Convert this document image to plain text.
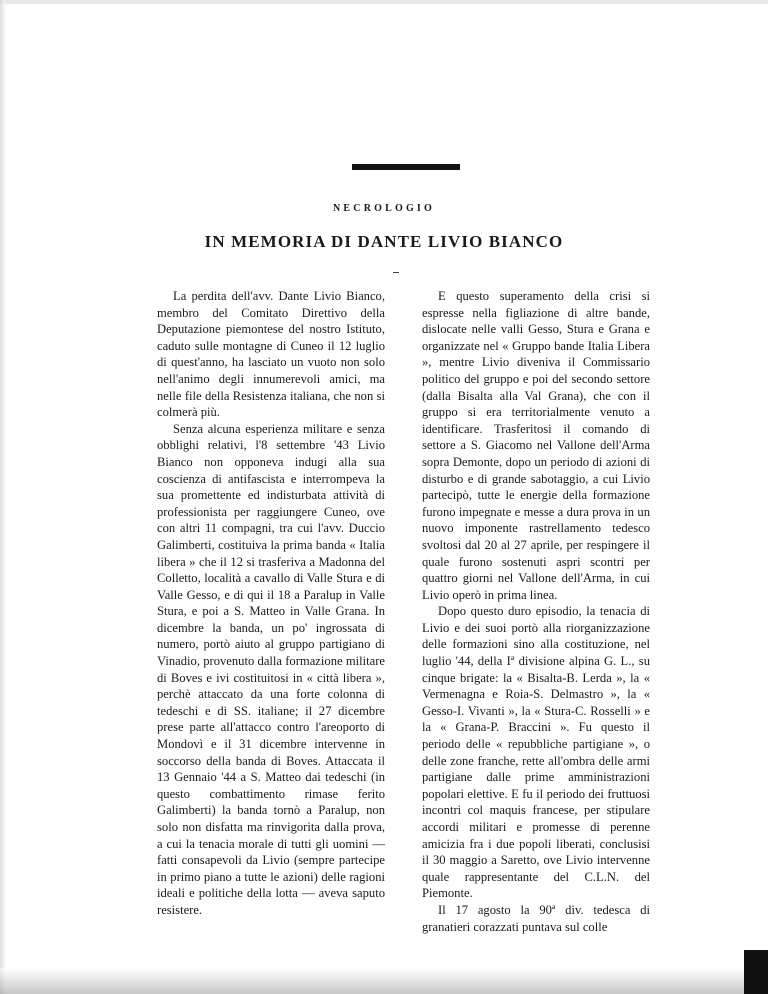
NECROLOGIO
IN MEMORIA DI DANTE LIVIO BIANCO

La perdita dell'avv. Dante Livio Bianco, membro del Comitato Direttivo della Deputazione piemontese del nostro Istituto, caduto sulle montagne di Cuneo il 12 luglio di quest'anno, ha lasciato un vuoto non solo nell'animo degli innumerevoli amici, ma nelle file della Resistenza italiana, che non si colmerà più.

Senza alcuna esperienza militare e senza obblighi relativi, l'8 settembre '43 Livio Bianco non opponeva indugi alla sua coscienza di antifascista e interrompeva la sua promettente ed indisturbata attività di professionista per raggiungere Cuneo, ove con altri 11 compagni, tra cui l'avv. Duccio Galimberti, costituiva la prima banda « Italia libera » che il 12 si trasferiva a Madonna del Colletto, località a cavallo di Valle Stura e di Valle Gesso, e di qui il 18 a Paralup in Valle Stura, e poi a S. Matteo in Valle Grana. In dicembre la banda, un po' ingrossata di numero, portò aiuto al gruppo partigiano di Vinadio, provenuto dalla formazione militare di Boves e ivi costituitosi in « città libera », perchè attaccato da una forte colonna di tedeschi e di SS. italiane; il 27 dicembre prese parte all'attacco contro l'areoporto di Mondovì e il 31 dicembre intervenne in soccorso della banda di Boves. Attaccata il 13 Gennaio '44 a S. Matteo dai tedeschi (in questo combattimento rimase ferito Galimberti) la banda tornò a Paralup, non solo non disfatta ma rinvigorita dalla prova, a cui la tenacia morale di tutti gli uomini — fatti consapevoli da Livio (sempre partecipe in primo piano a tutte le azioni) delle ragioni ideali e politiche della lotta — aveva saputo resistere.

E questo superamento della crisi si espresse nella figliazione di altre bande, dislocate nelle valli Gesso, Stura e Grana e organizzate nel « Gruppo bande Italia Libera », mentre Livio diveniva il Commissario politico del gruppo e poi del secondo settore (dalla Bisalta alla Val Grana), che con il gruppo si era territorialmente venuto a identificare. Trasferitosi il comando di settore a S. Giacomo nel Vallone dell'Arma sopra Demonte, dopo un periodo di azioni di disturbo e di grande sabotaggio, a cui Livio partecipò, tutte le energie della formazione furono impegnate e messe a dura prova in un nuovo imponente rastrellamento tedesco svoltosi dal 20 al 27 aprile, per respingere il quale furono sostenuti aspri scontri per quattro giorni nel Vallone dell'Arma, in cui Livio operò in prima linea.

Dopo questo duro episodio, la tenacia di Livio e dei suoi portò alla riorganizzazione delle formazioni sino alla costituzione, nel luglio '44, della Iª divisione alpina G. L., su cinque brigate: la « Bisalta-B. Lerda », la « Vermenagna e Roia-S. Delmastro », la « Gesso-I. Vivanti », la « Stura-C. Rosselli » e la « Grana-P. Braccini ». Fu questo il periodo delle « repubbliche partigiane », o delle zone franche, rette all'ombra delle armi partigiane dalle prime amministrazioni popolari elettive. E fu il periodo dei fruttuosi incontri col maquis francese, per stipulare accordi militari e promesse di perenne amicizia fra i due popoli liberati, conclusisi il 30 maggio a Saretto, ove Livio intervenne quale rappresentante del C.L.N. del Piemonte.

Il 17 agosto la 90ª div. tedesca di granatieri corazzati puntava sul colle
